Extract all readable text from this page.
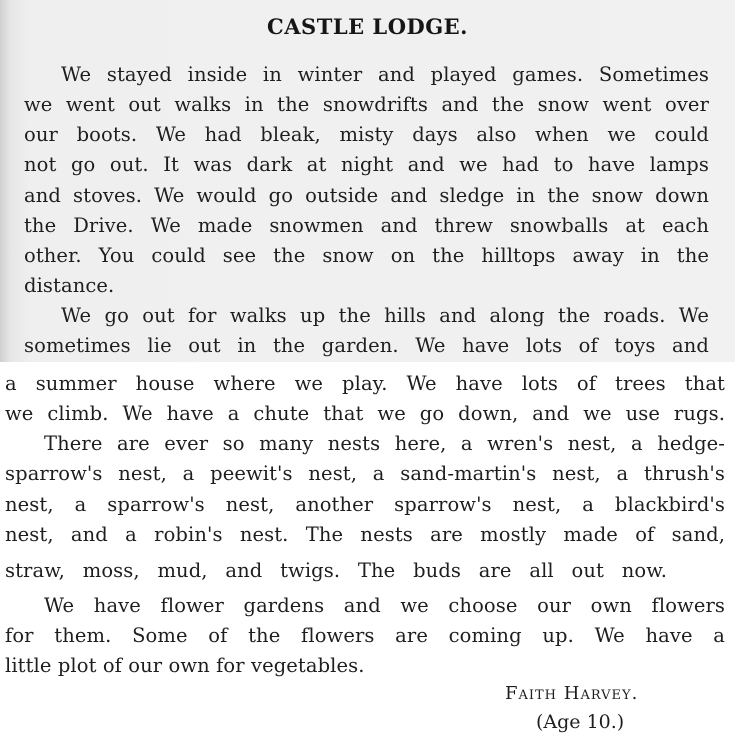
CASTLE LODGE.
We stayed inside in winter and played games. Sometimes
we went out walks in the snowdrifts and the snow went over
our boots. We had bleak, misty days also when we could
not go out. It was dark at night and we had to have lamps
and stoves. We would go outside and sledge in the snow down
the Drive. We made snowmen and threw snowballs at each
other. You could see the snow on the hilltops away in the
distance.
We go out for walks up the hills and along the roads. We
sometimes lie out in the garden. We have lots of toys and
a summer house where we play. We have lots of trees that
we climb. We have a chute that we go down, and we use rugs.
There are ever so many nests here, a wren's nest, a hedge-
sparrow's nest, a peewit's nest, a sand-martin's nest, a thrush's
nest, a sparrow's nest, another sparrow's nest, a blackbird's
nest, and a robin's nest. The nests are mostly made of sand,
straw, moss, mud, and twigs. The buds are all out now.
We have flower gardens and we choose our own flowers
for them. Some of the flowers are coming up. We have a
little plot of our own for vegetables.
Faith Harvey.
(Age 10.)
